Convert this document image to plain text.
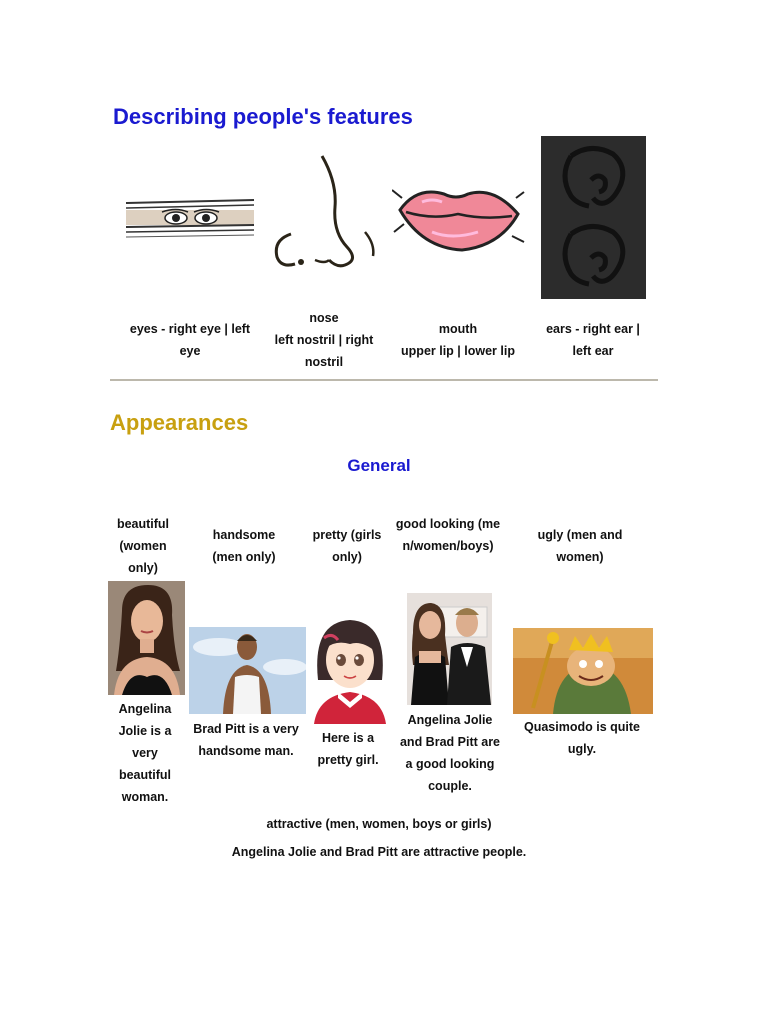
Describing people's features
eyes - right eye | left eye
nose
left nostril | right nostril
mouth
upper lip | lower lip
ears - right ear | left ear
Appearances
General
beautiful (women only)
handsome (men only)
pretty (girls only)
good looking (men/women/boys)
ugly (men and women)
Angelina Jolie is a very beautiful woman.
Brad Pitt is a very handsome man.
Here is a pretty girl.
Angelina Jolie and Brad Pitt are a good looking couple.
Quasimodo is quite ugly.
attractive (men, women, boys or girls)
Angelina Jolie and Brad Pitt are attractive people.
